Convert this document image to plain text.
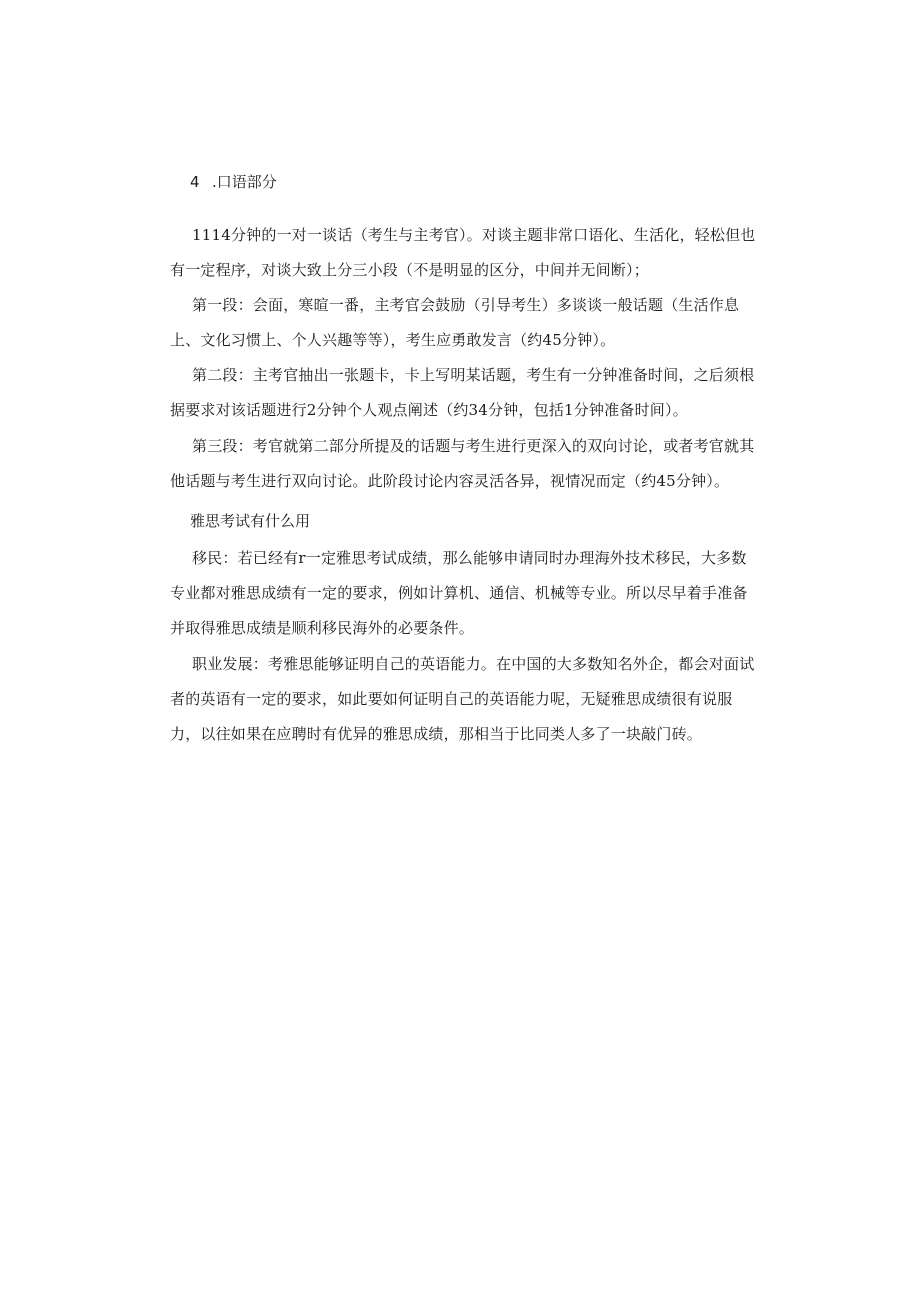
4 .口语部分

1114分钟的一对一谈话（考生与主考官）。对谈主题非常口语化、生活化，轻松但也有一定程序，对谈大致上分三小段（不是明显的区分，中间并无间断）；

第一段：会面，寒暄一番，主考官会鼓励（引导考生）多谈谈一般话题（生活作息上、文化习惯上、个人兴趣等等），考生应勇敢发言（约45分钟）。

第二段：主考官抽出一张题卡，卡上写明某话题，考生有一分钟准备时间，之后须根据要求对该话题进行2分钟个人观点阐述（约34分钟，包括1分钟准备时间）。

第三段：考官就第二部分所提及的话题与考生进行更深入的双向讨论，或者考官就其他话题与考生进行双向讨论。此阶段讨论内容灵活各异，视情况而定（约45分钟）。

雅思考试有什么用

移民：若已经有r一定雅思考试成绩，那么能够申请同时办理海外技术移民，大多数专业都对雅思成绩有一定的要求，例如计算机、通信、机械等专业。所以尽早着手准备并取得雅思成绩是顺利移民海外的必要条件。

职业发展：考雅思能够证明自己的英语能力。在中国的大多数知名外企，都会对面试者的英语有一定的要求，如此要如何证明自己的英语能力呢，无疑雅思成绩很有说服力，以往如果在应聘时有优异的雅思成绩，那相当于比同类人多了一块敲门砖。
